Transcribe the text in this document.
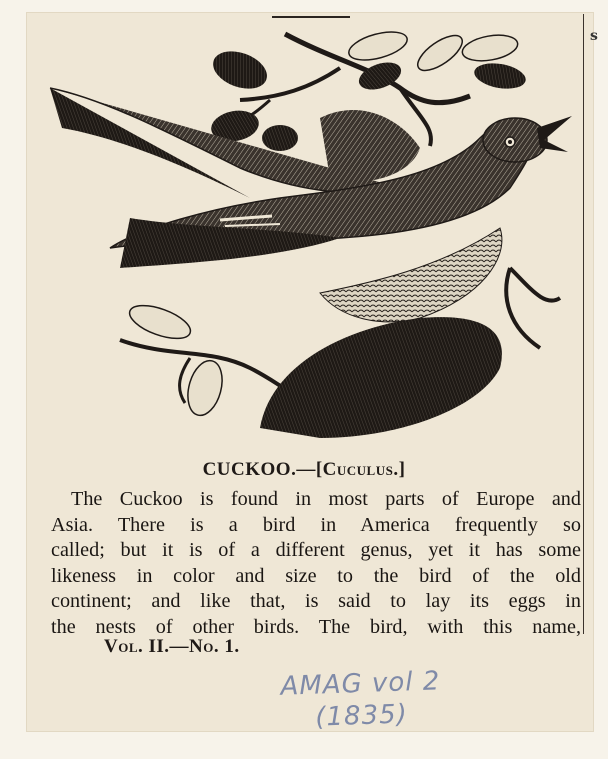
s
CUCKOO.—[Cuculus.]
The Cuckoo is found in most parts of Europe and
Asia. There is a bird in America frequently so
called; but it is of a different genus, yet it has some
likeness in color and size to the bird of the old
continent; and like that, is said to lay its eggs in
the nests of other birds. The bird, with this name,
Vol. II.—No. 1.
AMAG vol 2
(1835)
